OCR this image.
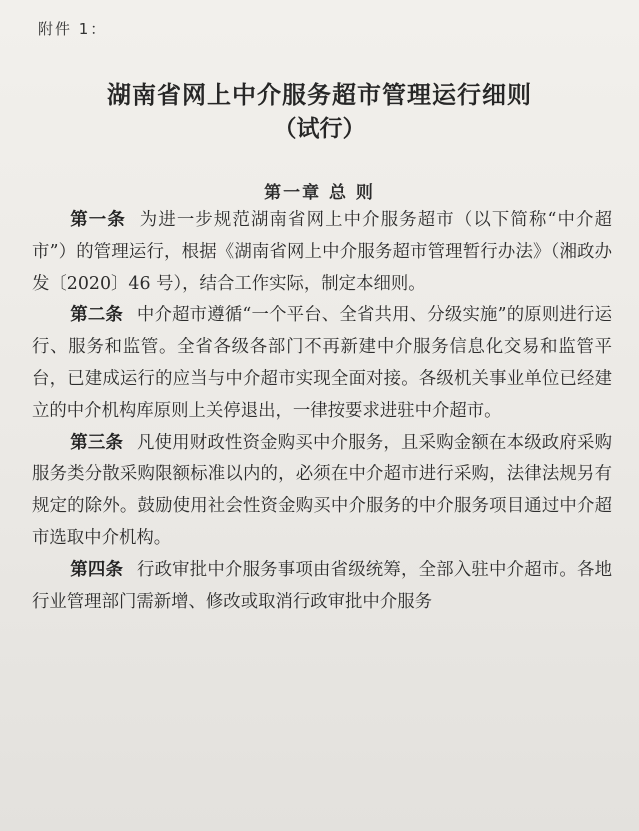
附件 1：
湖南省网上中介服务超市管理运行细则
（试行）
第一章 总 则

第一条 为进一步规范湖南省网上中介服务超市（以下简称“中介超市”）的管理运行，根据《湖南省网上中介服务超市管理暂行办法》（湘政办发〔2020〕46 号），结合工作实际，制定本细则。

第二条 中介超市遵循“一个平台、全省共用、分级实施”的原则进行运行、服务和监管。全省各级各部门不再新建中介服务信息化交易和监管平台，已建成运行的应当与中介超市实现全面对接。各级机关事业单位已经建立的中介机构库原则上关停退出，一律按要求进驻中介超市。

第三条 凡使用财政性资金购买中介服务，且采购金额在本级政府采购服务类分散采购限额标准以内的，必须在中介超市进行采购，法律法规另有规定的除外。鼓励使用社会性资金购买中介服务的中介服务项目通过中介超市选取中介机构。

第四条 行政审批中介服务事项由省级统筹，全部入驻中介超市。各地行业管理部门需新增、修改或取消行政审批中介服务
